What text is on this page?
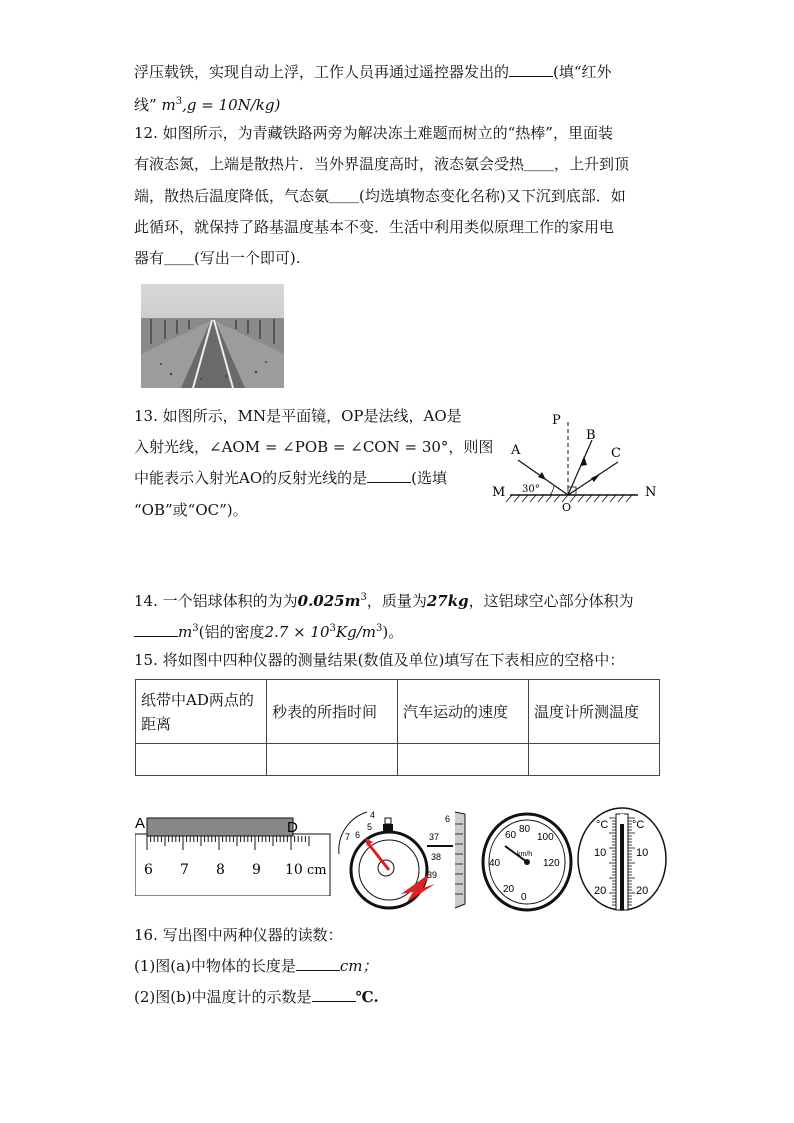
浮压载铁，实现自动上浮，工作人员再通过遥控器发出的	(填“红外
线” $m^3,g = 10N/kg$)
12. 如图所示，为青藏铁路两旁为解决冻土难题而树立的“热棒”，里面装
有液态氮，上端是散热片．当外界温度高时，液态氨会受热＿＿，上升到顶
端，散热后温度降低，气态氨＿＿(均选填物态变化名称)又下沉到底部．如
此循环，就保持了路基温度基本不变．生活中利用类似原理工作的家用电
器有＿＿(写出一个即可).
13. 如图所示，MN是平面镜，OP是法线，AO是
入射光线，∠AOM = ∠POB = ∠CON = 30°，则图
中能表示入射光AO的反射光线的是	(选填
“OB”或“OC”)。
P
A
B
C
M	N
O
30°
14. 一个铝球体积的为为$0.025m^3$，质量为27kg，这铝球空心部分体积为
$m^3$(铝的密度$2.7 \times 10^3Kg/m^3$)。
15. 将如图中四种仪器的测量结果(数值及单位)填写在下表相应的空格中：
纸带中AD两点的距离	秒表的所指时间	汽车运动的速度	温度计所测温度

A	D
6 7 8 9 10 cm
4
5
6
7
6
37
38
39
60
80
100
40	120
20
0
km/h
°C °C
10	10
20	20
16. 写出图中两种仪器的读数：
(1)图(a)中物体的长度是	cm；
(2)图(b)中温度计的示数是	℃.
